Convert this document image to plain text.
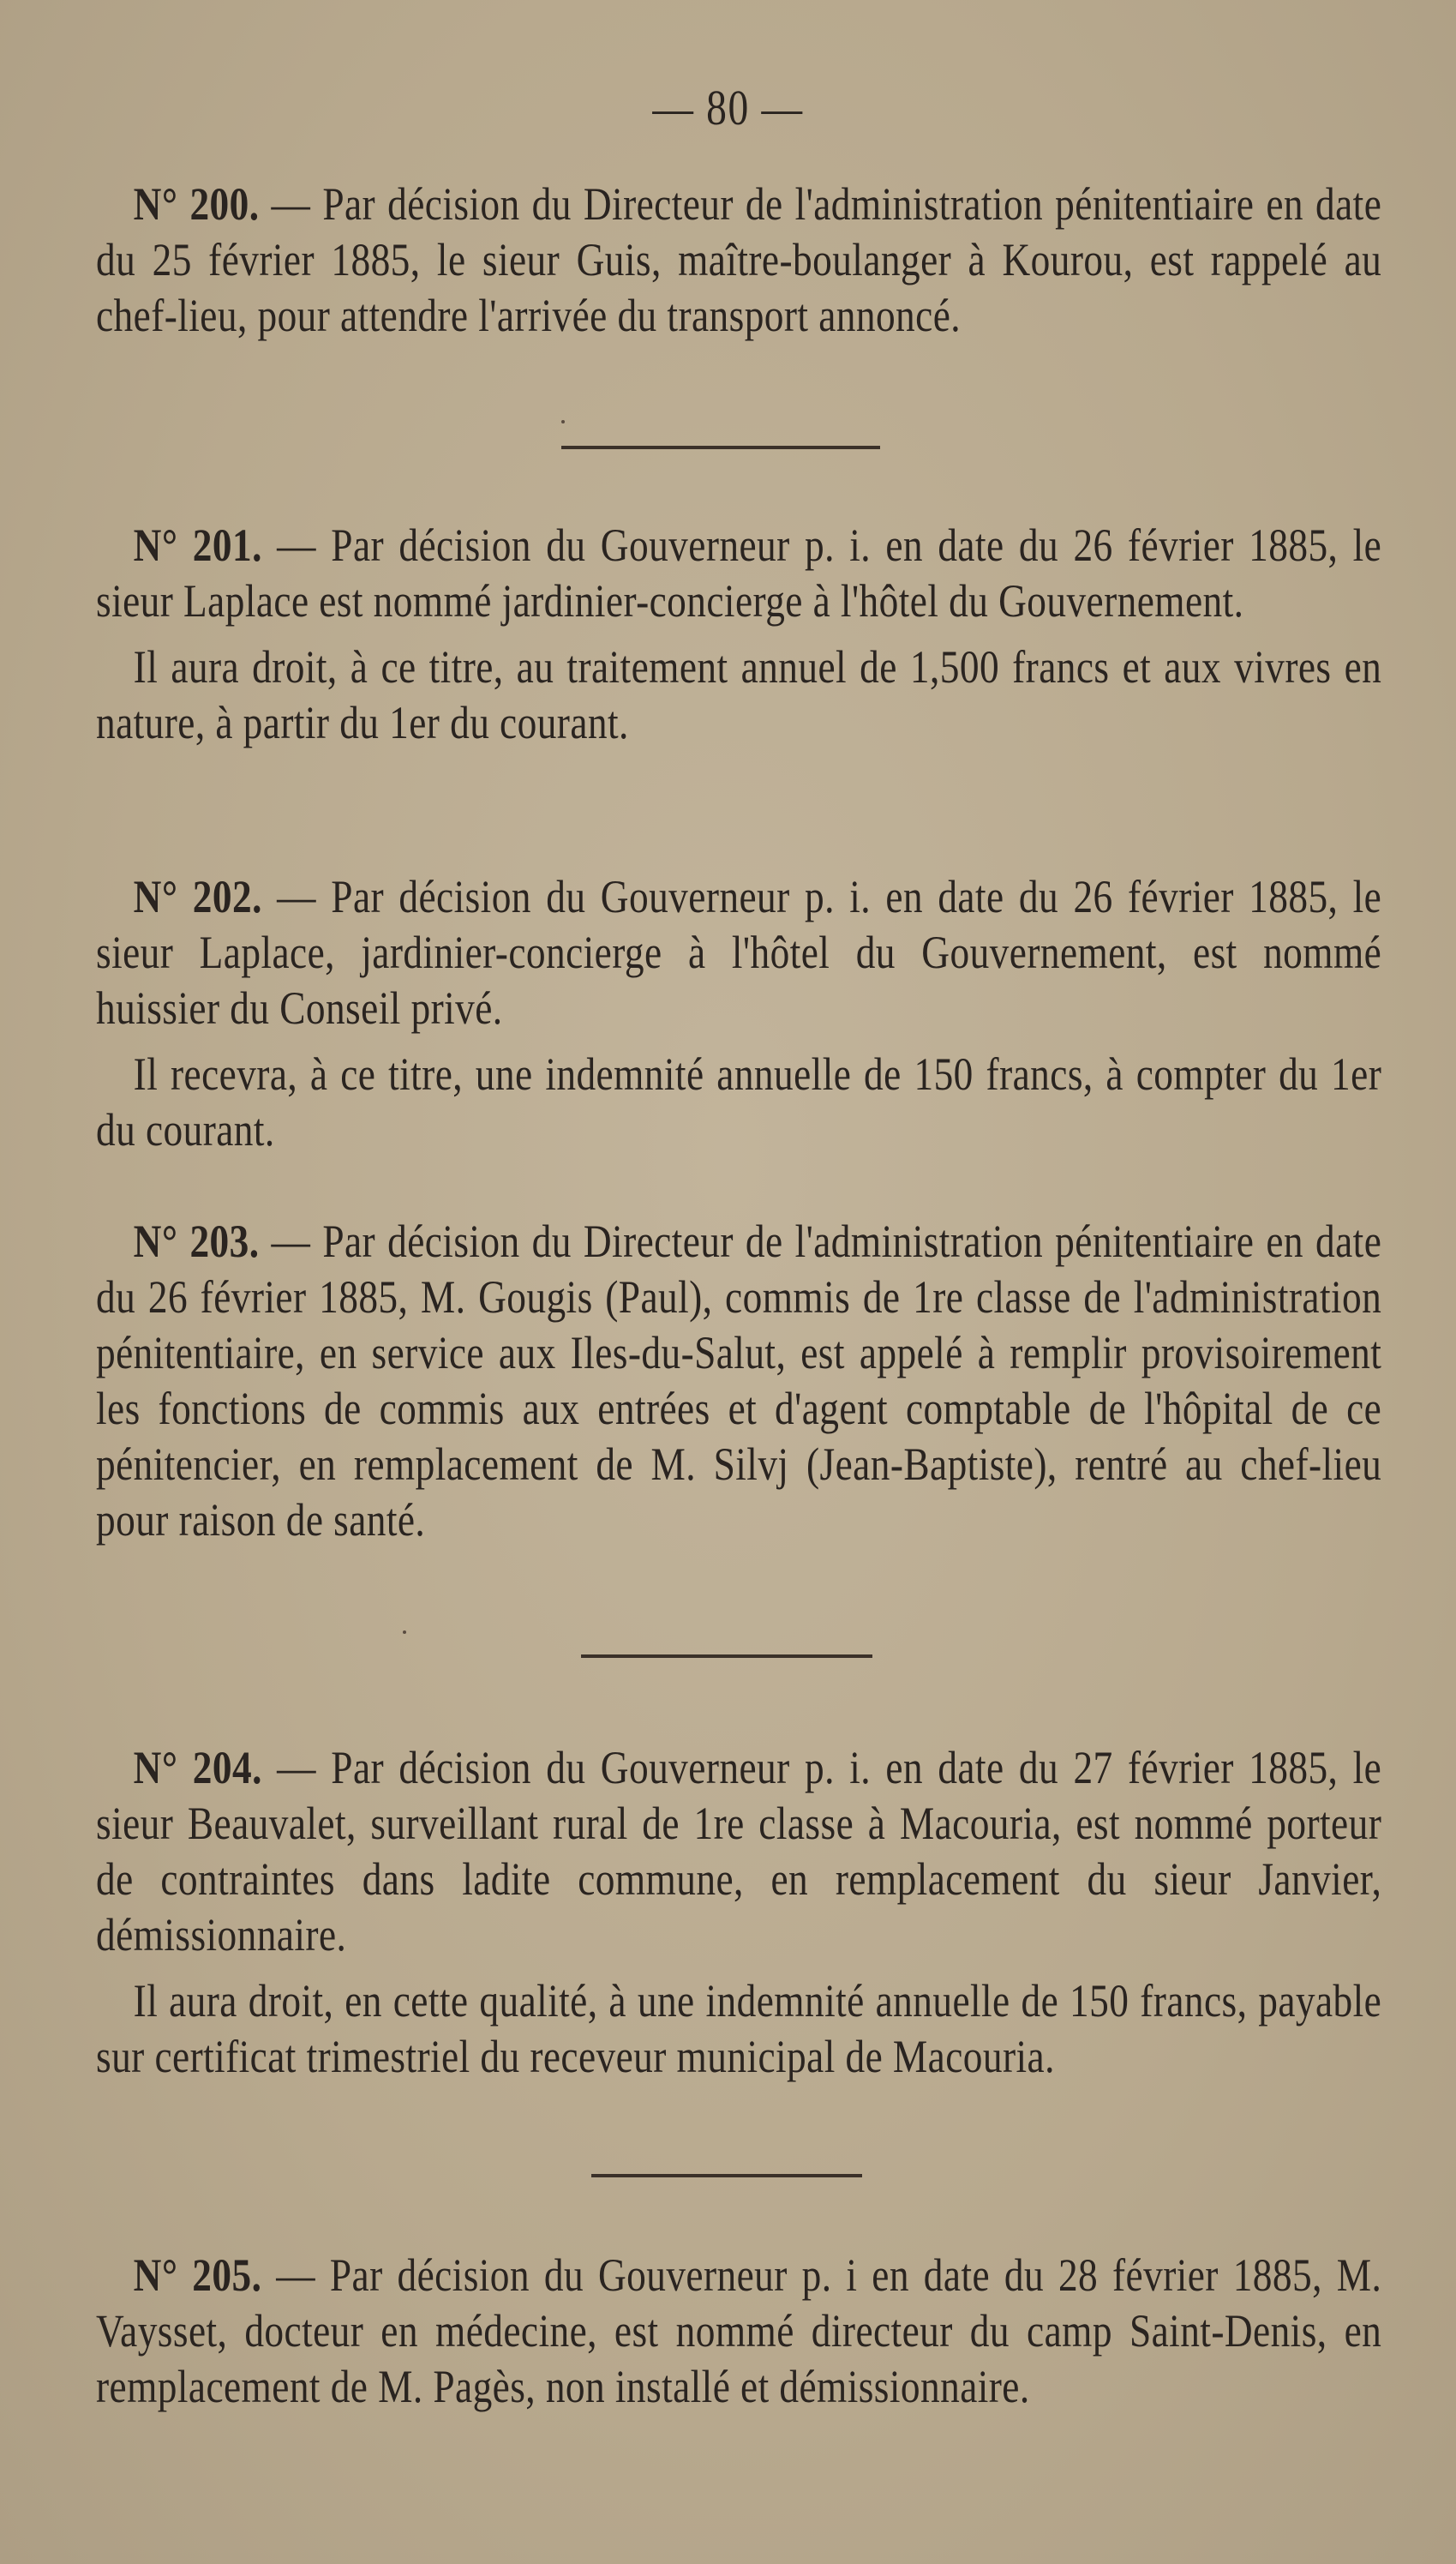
— 80 —

N° 200. — Par décision du Directeur de l'administration pénitentiaire en date du 25 février 1885, le sieur Guis, maître-boulanger à Kourou, est rappelé au chef-lieu, pour attendre l'arrivée du transport annoncé.

N° 201. — Par décision du Gouverneur p. i. en date du 26 février 1885, le sieur Laplace est nommé jardinier-concierge à l'hôtel du Gouvernement.

Il aura droit, à ce titre, au traitement annuel de 1,500 francs et aux vivres en nature, à partir du 1er du courant.

N° 202. — Par décision du Gouverneur p. i. en date du 26 février 1885, le sieur Laplace, jardinier-concierge à l'hôtel du Gouvernement, est nommé huissier du Conseil privé.

Il recevra, à ce titre, une indemnité annuelle de 150 francs, à compter du 1er du courant.

N° 203. — Par décision du Directeur de l'administration pénitentiaire en date du 26 février 1885, M. Gougis (Paul), commis de 1re classe de l'administration pénitentiaire, en service aux Iles-du-Salut, est appelé à remplir provisoirement les fonctions de commis aux entrées et d'agent comptable de l'hôpital de ce pénitencier, en remplacement de M. Silvj (Jean-Baptiste), rentré au chef-lieu pour raison de santé.

N° 204. — Par décision du Gouverneur p. i. en date du 27 février 1885, le sieur Beauvalet, surveillant rural de 1re classe à Macouria, est nommé porteur de contraintes dans ladite commune, en remplacement du sieur Janvier, démissionnaire.

Il aura droit, en cette qualité, à une indemnité annuelle de 150 francs, payable sur certificat trimestriel du receveur municipal de Macouria.

N° 205. — Par décision du Gouverneur p. i en date du 28 février 1885, M. Vaysset, docteur en médecine, est nommé directeur du camp Saint-Denis, en remplacement de M. Pagès, non installé et démissionnaire.
